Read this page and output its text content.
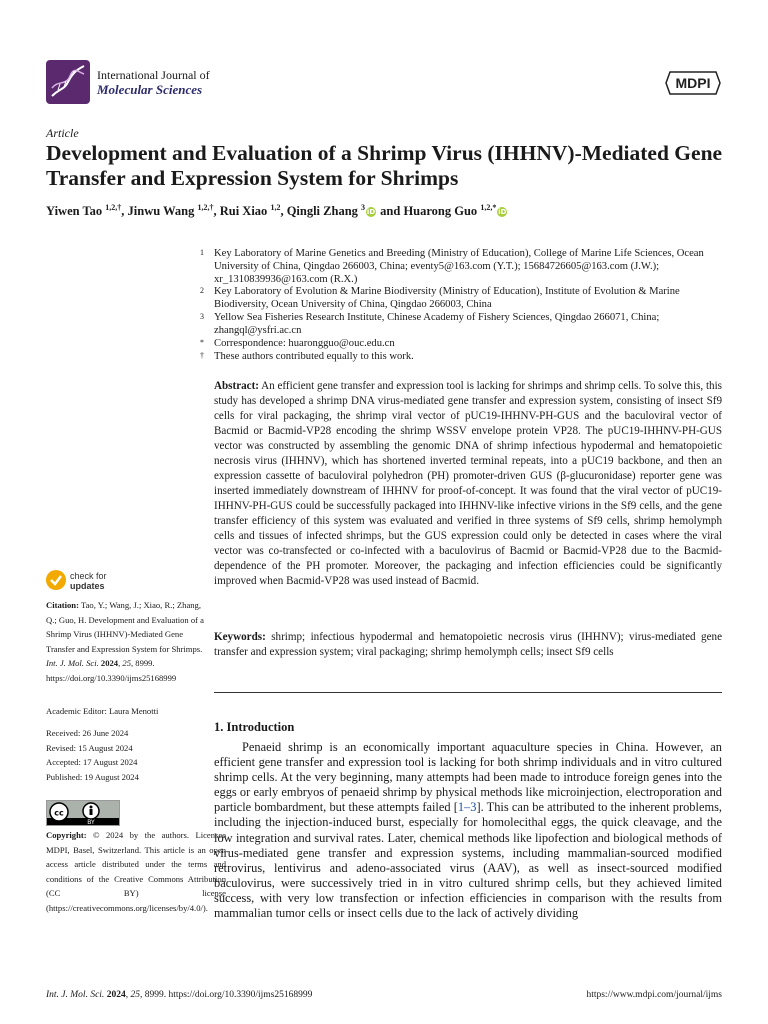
International Journal of
Molecular Sciences	MDPI
Article
Development and Evaluation of a Shrimp Virus (IHHNV)-Mediated Gene Transfer and Expression System for Shrimps
Yiwen Tao $^{1,2,\dagger}$, Jinwu Wang $^{1,2,\dagger}$, Rui Xiao $^{1,2}$, Qingli Zhang $^3$iD and Huarong Guo $^{1,2,*}$iD
1 Key Laboratory of Marine Genetics and Breeding (Ministry of Education), College of Marine Life Sciences, Ocean University of China, Qingdao 266003, China; eventy5@163.com (Y.T.); 15684726605@163.com (J.W.); xr_1310839936@163.com (R.X.)
2 Key Laboratory of Evolution & Marine Biodiversity (Ministry of Education), Institute of Evolution & Marine Biodiversity, Ocean University of China, Qingdao 266003, China
3 Yellow Sea Fisheries Research Institute, Chinese Academy of Fishery Sciences, Qingdao 266071, China; zhangql@ysfri.ac.cn
* Correspondence: huarongguo@ouc.edu.cn
† These authors contributed equally to this work.
Abstract: An efficient gene transfer and expression tool is lacking for shrimps and shrimp cells. To solve this, this study has developed a shrimp DNA virus-mediated gene transfer and expression system, consisting of insect Sf9 cells for viral packaging, the shrimp viral vector of pUC19-IHHNV-PH-GUS and the baculoviral vector of Bacmid or Bacmid-VP28 encoding the shrimp WSSV envelope protein VP28. The pUC19-IHHNV-PH-GUS vector was constructed by assembling the genomic DNA of shrimp infectious hypodermal and hematopoietic necrosis virus (IHHNV), which has shortened inverted terminal repeats, into a pUC19 backbone, and then an expression cassette of baculoviral polyhedron (PH) promoter-driven GUS (β-glucuronidase) reporter gene was inserted immediately downstream of IHHNV for proof-of-concept. It was found that the viral vector of pUC19-IHHNV-PH-GUS could be successfully packaged into IHHNV-like infective virions in the Sf9 cells, and the gene transfer efficiency of this system was evaluated and verified in three systems of Sf9 cells, shrimp hemolymph cells and tissues of infected shrimps, but the GUS expression could only be detected in cases where the viral vector was co-transfected or co-infected with a baculovirus of Bacmid or Bacmid-VP28 due to the Bacmid-dependence of the PH promoter. Moreover, the packaging and infection efficiencies could be significantly improved when Bacmid-VP28 was used instead of Bacmid.
Keywords: shrimp; infectious hypodermal and hematopoietic necrosis virus (IHHNV); virus-mediated gene transfer and expression system; viral packaging; shrimp hemolymph cells; insect Sf9 cells
check for
updates
Citation: Tao, Y.; Wang, J.; Xiao, R.; Zhang, Q.; Guo, H. Development and Evaluation of a Shrimp Virus (IHHNV)-Mediated Gene Transfer and Expression System for Shrimps. Int. J. Mol. Sci. 2024, 25, 8999. https://doi.org/10.3390/ijms25168999
Academic Editor: Laura Menotti
Received: 26 June 2024
Revised: 15 August 2024
Accepted: 17 August 2024
Published: 19 August 2024
cc
BY
Copyright: © 2024 by the authors. Licensee MDPI, Basel, Switzerland. This article is an open access article distributed under the terms and conditions of the Creative Commons Attribution (CC BY) license (https://creativecommons.org/licenses/by/4.0/).
1. Introduction
Penaeid shrimp is an economically important aquaculture species in China. However, an efficient gene transfer and expression tool is lacking for both shrimp individuals and in vitro cultured shrimp cells. At the very beginning, many attempts had been made to introduce foreign genes into the eggs or early embryos of penaeid shrimp by physical methods like microinjection, electroporation and particle bombardment, but these attempts failed [1–3]. This can be attributed to the inherent problems, including the injection-induced burst, especially for homolecithal eggs, the quick cleavage, and the low integration and survival rates. Later, chemical methods like lipofection and biological methods of virus-mediated gene transfer and expression systems, including mammalian-sourced modified retrovirus, lentivirus and adeno-associated virus (AAV), as well as insect-sourced modified baculovirus, were successively tried in in vitro cultured shrimp cells, but they achieved limited success, with very low transfection or infection efficiencies in comparison with the results from mammalian tumor cells or insect cells due to the lack of actively dividing
Int. J. Mol. Sci. 2024, 25, 8999. https://doi.org/10.3390/ijms25168999	https://www.mdpi.com/journal/ijms
